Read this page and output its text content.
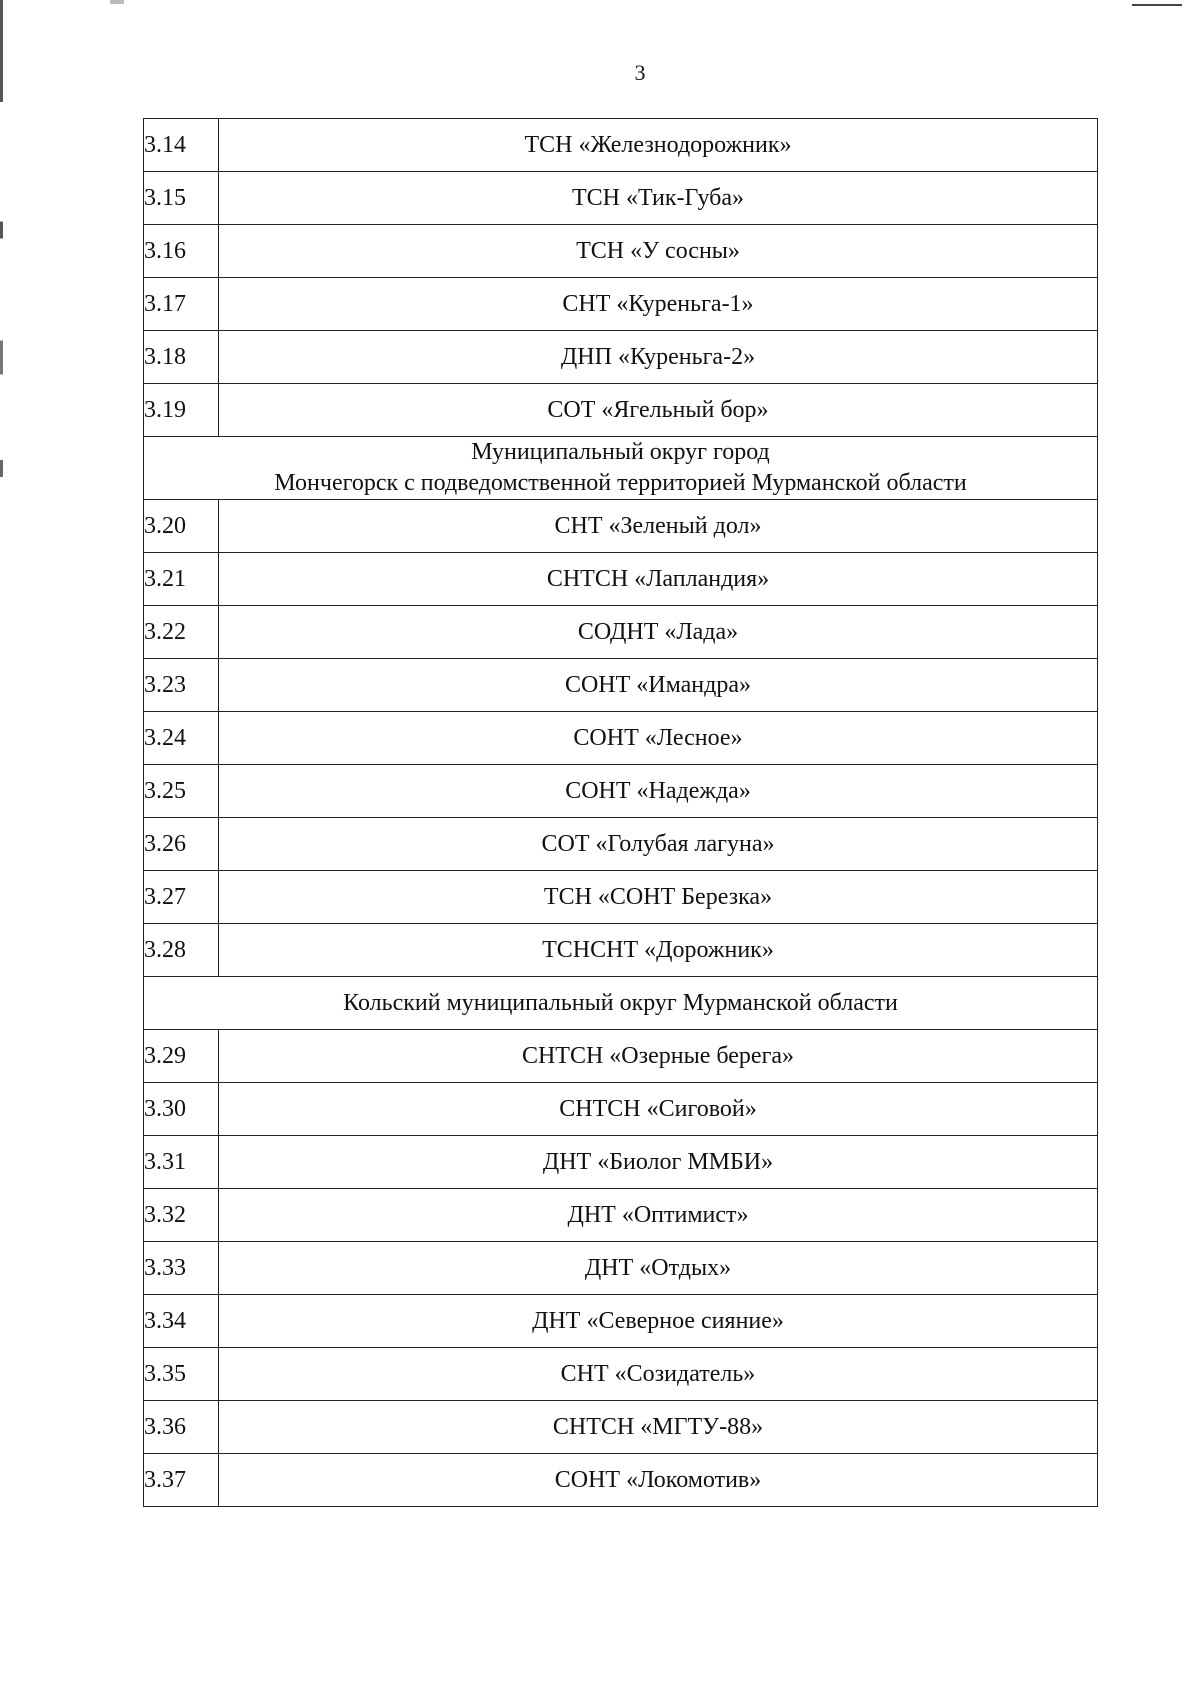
3
3.14	ТСН «Железнодорожник»
3.15	ТСН «Тик-Губа»
3.16	ТСН «У сосны»
3.17	СНТ «Куреньга-1»
3.18	ДНП «Куреньга-2»
3.19	СОТ «Ягельный бор»

Муниципальный округ город
Мончегорск с подведомственной территорией Мурманской области	

3.20	СНТ «Зеленый дол»
3.21	СНТСН «Лапландия»
3.22	СОДНТ «Лада»
3.23	СОНТ «Имандра»
3.24	СОНТ «Лесное»
3.25	СОНТ «Надежда»
3.26	СОТ «Голубая лагуна»
3.27	ТСН «СОНТ Березка»
3.28	ТСНСНТ «Дорожник»

Кольский муниципальный округ Мурманской области	

3.29	СНТСН «Озерные берега»
3.30	СНТСН «Сиговой»
3.31	ДНТ «Биолог ММБИ»
3.32	ДНТ «Оптимист»
3.33	ДНТ «Отдых»
3.34	ДНТ «Северное сияние»
3.35	СНТ «Созидатель»
3.36	СНТСН «МГТУ-88»
3.37	СОНТ «Локомотив»
